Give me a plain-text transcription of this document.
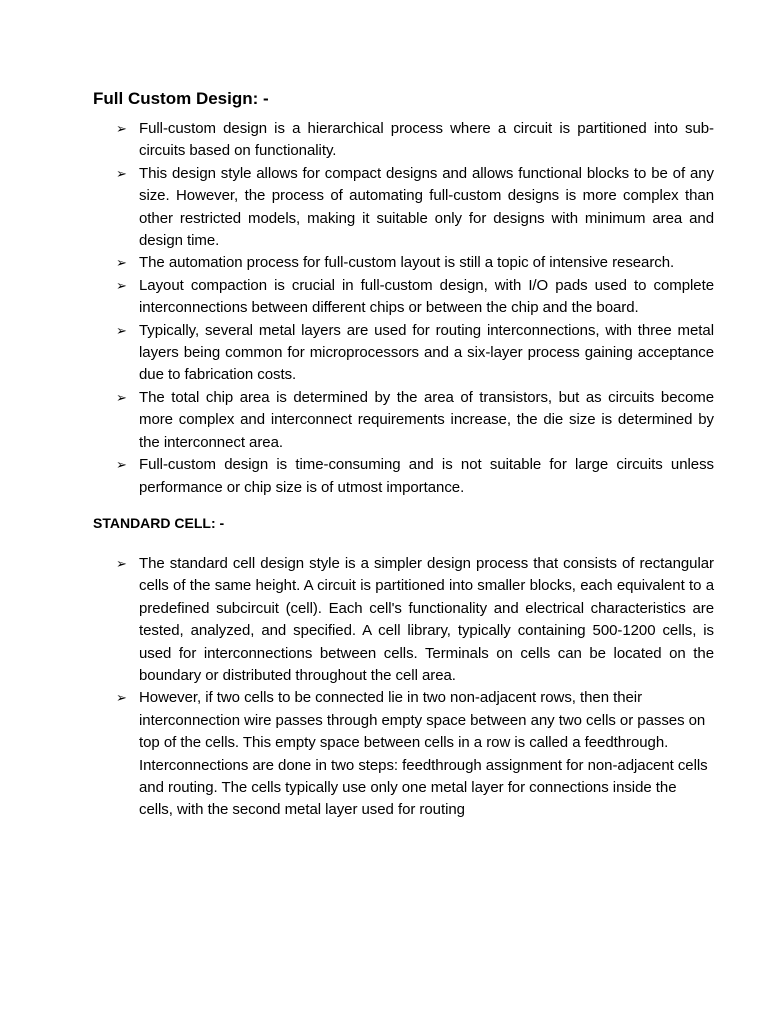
Full Custom Design: -
➢ Full-custom design is a hierarchical process where a circuit is partitioned into sub-circuits based on functionality.
➢ This design style allows for compact designs and allows functional blocks to be of any size. However, the process of automating full-custom designs is more complex than other restricted models, making it suitable only for designs with minimum area and design time.
➢ The automation process for full-custom layout is still a topic of intensive research.
➢ Layout compaction is crucial in full-custom design, with I/O pads used to complete interconnections between different chips or between the chip and the board.
➢ Typically, several metal layers are used for routing interconnections, with three metal layers being common for microprocessors and a six-layer process gaining acceptance due to fabrication costs.
➢ The total chip area is determined by the area of transistors, but as circuits become more complex and interconnect requirements increase, the die size is determined by the interconnect area.
➢ Full-custom design is time-consuming and is not suitable for large circuits unless performance or chip size is of utmost importance.
STANDARD CELL: -
➢ The standard cell design style is a simpler design process that consists of rectangular cells of the same height. A circuit is partitioned into smaller blocks, each equivalent to a predefined subcircuit (cell). Each cell's functionality and electrical characteristics are tested, analyzed, and specified. A cell library, typically containing 500-1200 cells, is used for interconnections between cells. Terminals on cells can be located on the boundary or distributed throughout the cell area.
➢ However, if two cells to be connected lie in two non-adjacent rows, then their interconnection wire passes through empty space between any two cells or passes on top of the cells. This empty space between cells in a row is called a feedthrough. Interconnections are done in two steps: feedthrough assignment for non-adjacent cells and routing. The cells typically use only one metal layer for connections inside the cells, with the second metal layer used for routing
